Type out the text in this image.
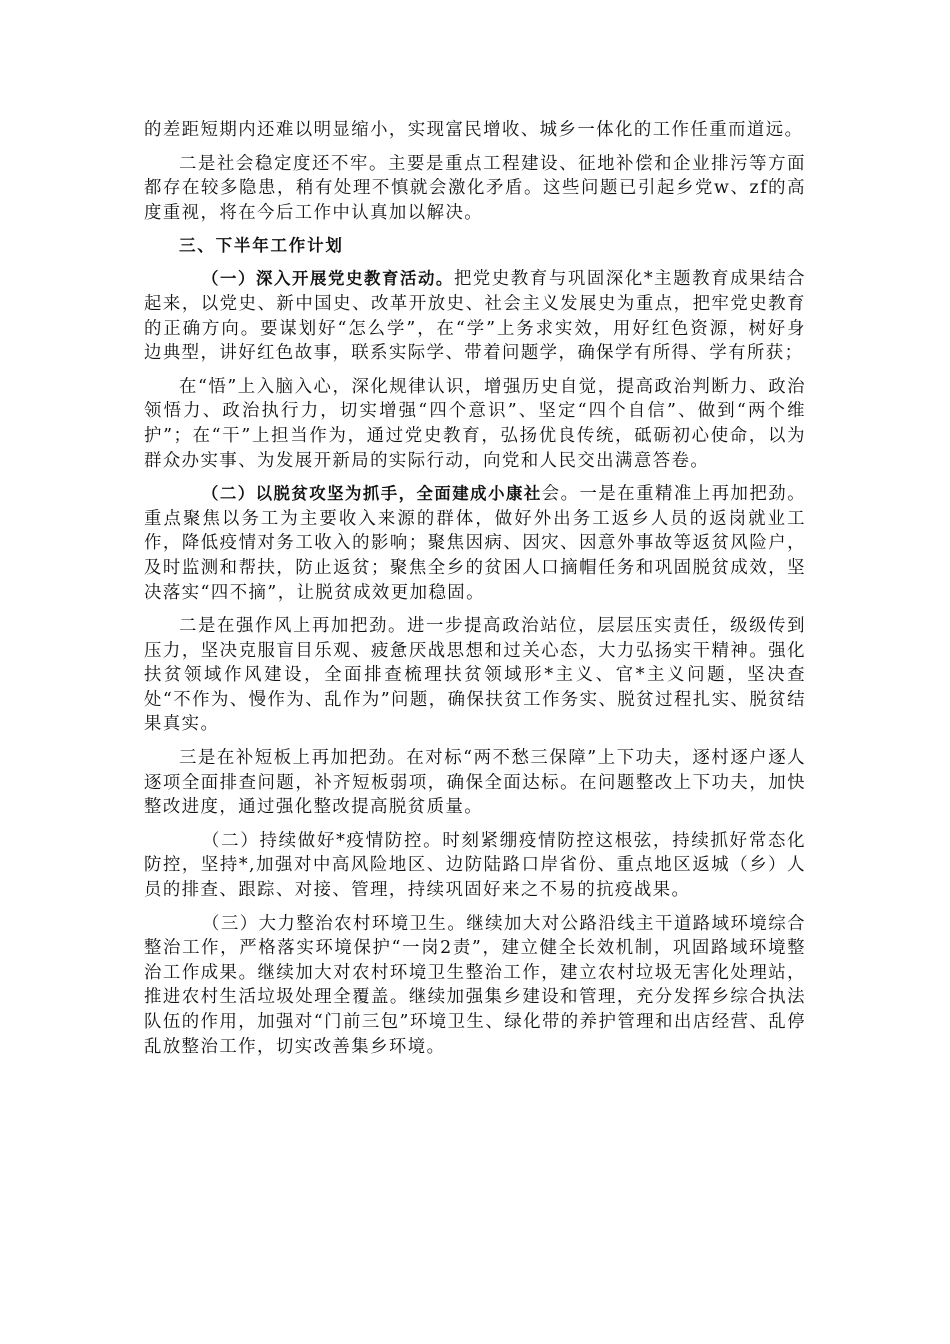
的差距短期内还难以明显缩小，实现富民增收、城乡一体化的工作任重而道远。

二是社会稳定度还不牢。主要是重点工程建设、征地补偿和企业排污等方面都存在较多隐患，稍有处理不慎就会激化矛盾。这些问题已引起乡党w、zf的高度重视，将在今后工作中认真加以解决。

三、下半年工作计划

（一）深入开展党史教育活动。把党史教育与巩固深化*主题教育成果结合起来，以党史、新中国史、改革开放史、社会主义发展史为重点，把牢党史教育的正确方向。要谋划好“怎么学”，在“学”上务求实效，用好红色资源，树好身边典型，讲好红色故事，联系实际学、带着问题学，确保学有所得、学有所获；

在“悟”上入脑入心，深化规律认识，增强历史自觉，提高政治判断力、政治领悟力、政治执行力，切实增强“四个意识”、坚定“四个自信”、做到“两个维护”；在“干”上担当作为，通过党史教育，弘扬优良传统，砥砺初心使命，以为群众办实事、为发展开新局的实际行动，向党和人民交出满意答卷。

（二）以脱贫攻坚为抓手，全面建成小康社会。一是在重精准上再加把劲。重点聚焦以务工为主要收入来源的群体，做好外出务工返乡人员的返岗就业工作，降低疫情对务工收入的影响；聚焦因病、因灾、因意外事故等返贫风险户，及时监测和帮扶，防止返贫；聚焦全乡的贫困人口摘帽任务和巩固脱贫成效，坚决落实“四不摘”，让脱贫成效更加稳固。

二是在强作风上再加把劲。进一步提高政治站位，层层压实责任，级级传到压力，坚决克服盲目乐观、疲惫厌战思想和过关心态，大力弘扬实干精神。强化扶贫领域作风建设，全面排查梳理扶贫领域形*主义、官*主义问题，坚决查处“不作为、慢作为、乱作为”问题，确保扶贫工作务实、脱贫过程扎实、脱贫结果真实。

三是在补短板上再加把劲。在对标“两不愁三保障”上下功夫，逐村逐户逐人逐项全面排查问题，补齐短板弱项，确保全面达标。在问题整改上下功夫，加快整改进度，通过强化整改提高脱贫质量。

（二）持续做好*疫情防控。时刻紧绷疫情防控这根弦，持续抓好常态化防控，坚持*,加强对中高风险地区、边防陆路口岸省份、重点地区返城（乡）人员的排查、跟踪、对接、管理，持续巩固好来之不易的抗疫战果。

（三）大力整治农村环境卫生。继续加大对公路沿线主干道路域环境综合整治工作，严格落实环境保护“一岗2责”，建立健全长效机制，巩固路域环境整治工作成果。继续加大对农村环境卫生整治工作，建立农村垃圾无害化处理站，推进农村生活垃圾处理全覆盖。继续加强集乡建设和管理，充分发挥乡综合执法队伍的作用，加强对“门前三包”环境卫生、绿化带的养护管理和出店经营、乱停乱放整治工作，切实改善集乡环境。
